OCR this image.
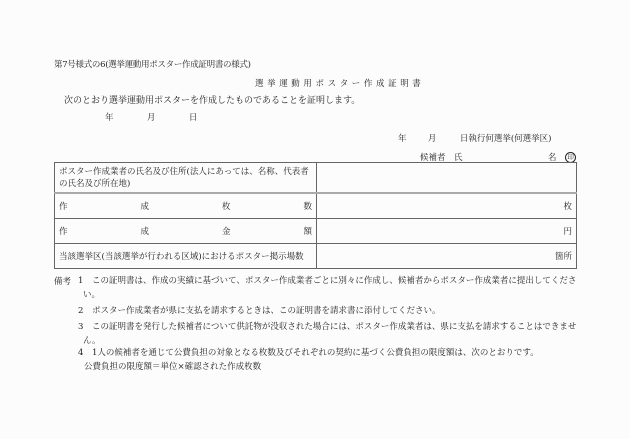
第7号様式の6(選挙運動用ポスター作成証明書の様式)
選挙運動用ポスター作成証明書
次のとおり選挙運動用ポスターを作成したものであることを証明します。
年	月	日
年	月	日執行何選挙(何選挙区)
候補者　氏	名 印
ポスター作成業者の氏名及び住所(法人にあっては、名称、代表者の氏名及び所在地)	

作 成 枚 数	枚

作 成 金 額	円
当該選挙区(当該選挙が行われる区域)におけるポスター掲示場数	箇所
備考 1 この証明書は、作成の実績に基づいて、ポスター作成業者ごとに別々に作成し、候補者からポスター作成業者に提出してくださ
い。
2 ポスター作成業者が県に支払を請求するときは、この証明書を請求書に添付してください。
3 この証明書を発行した候補者について供託物が没収された場合には、ポスター作成業者は、県に支払を請求することはできませ
ん。
4 1人の候補者を通じて公費負担の対象となる枚数及びそれぞれの契約に基づく公費負担の限度額は、次のとおりです。
公費負担の限度額＝単位×確認された作成枚数
